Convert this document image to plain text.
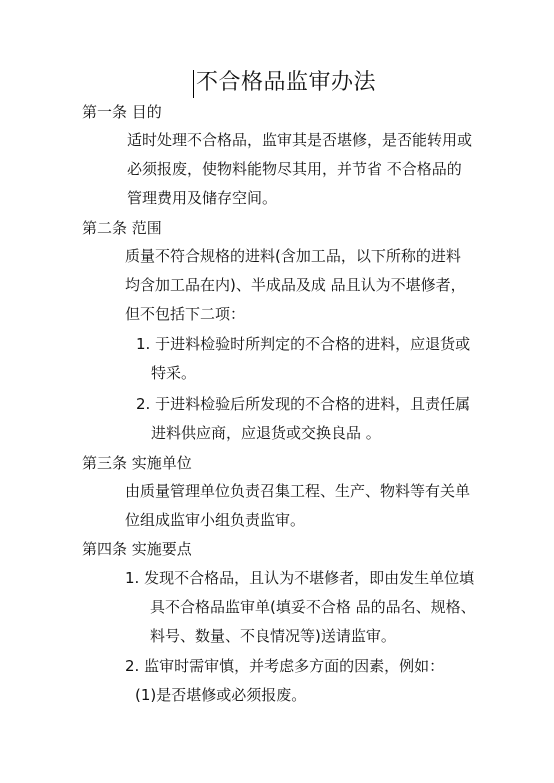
不合格品监审办法
第一条 目的
适时处理不合格品，监审其是否堪修，是否能转用或
必须报废，使物料能物尽其用，并节省 不合格品的
管理费用及储存空间。
第二条 范围
质量不符合规格的进料(含加工品，以下所称的进料
均含加工品在内)、半成品及成 品且认为不堪修者，
但不包括下二项：
1. 于进料检验时所判定的不合格的进料，应退货或
特采。
2. 于进料检验后所发现的不合格的进料，且责任属
进料供应商，应退货或交换良品 。
第三条 实施单位
由质量管理单位负责召集工程、生产、物料等有关单
位组成监审小组负责监审。
第四条 实施要点
1. 发现不合格品，且认为不堪修者，即由发生单位填
具不合格品监审单(填妥不合格 品的品名、规格、
料号、数量、不良情况等)送请监审。
2. 监审时需审慎，并考虑多方面的因素，例如：
(1)是否堪修或必须报废。
